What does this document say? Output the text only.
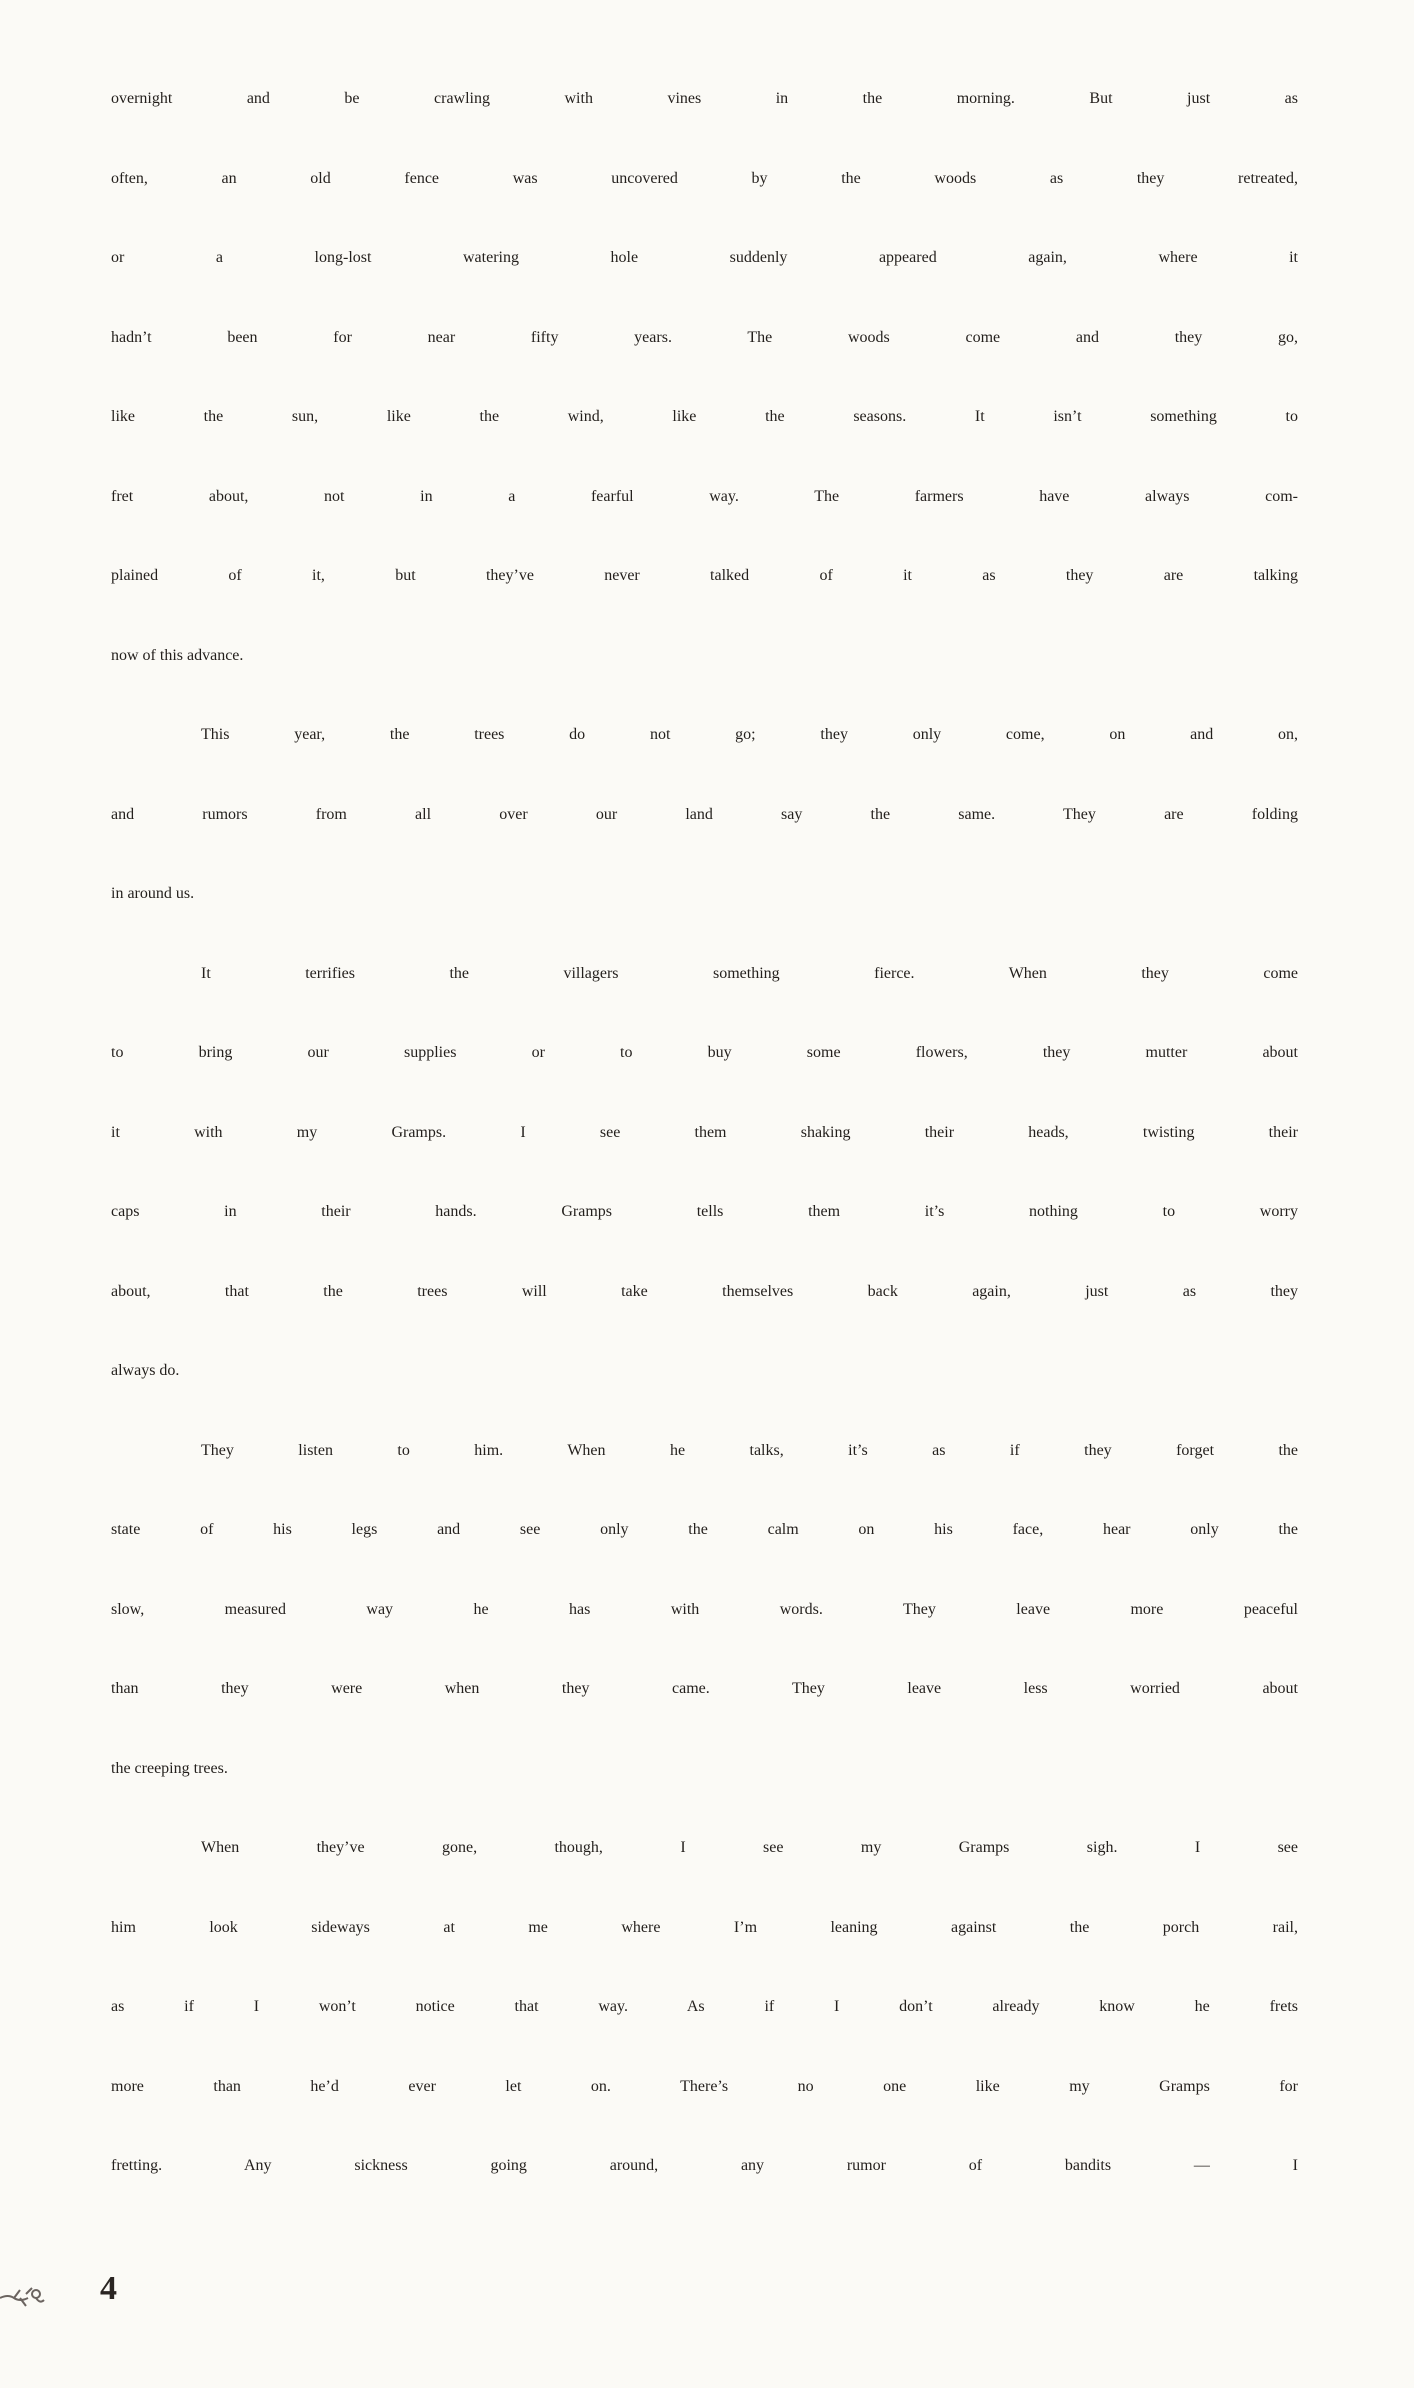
overnight and be crawling with vines in the morning. But just as
often, an old fence was uncovered by the woods as they retreated,
or a long-lost watering hole suddenly appeared again, where it
hadn’t been for near fifty years. The woods come and they go,
like the sun, like the wind, like the seasons. It isn’t something to
fret about, not in a fearful way. The farmers have always com-
plained of it, but they’ve never talked of it as they are talking
now of this advance.
This year, the trees do not go; they only come, on and on,
and rumors from all over our land say the same. They are folding
in around us.
It terrifies the villagers something fierce. When they come
to bring our supplies or to buy some flowers, they mutter about
it with my Gramps. I see them shaking their heads, twisting their
caps in their hands. Gramps tells them it’s nothing to worry
about, that the trees will take themselves back again, just as they
always do.
They listen to him. When he talks, it’s as if they forget the
state of his legs and see only the calm on his face, hear only the
slow, measured way he has with words. They leave more peaceful
than they were when they came. They leave less worried about
the creeping trees.
When they’ve gone, though, I see my Gramps sigh. I see
him look sideways at me where I’m leaning against the porch rail,
as if I won’t notice that way. As if I don’t already know he frets
more than he’d ever let on. There’s no one like my Gramps for
fretting. Any sickness going around, any rumor of bandits — I
4
